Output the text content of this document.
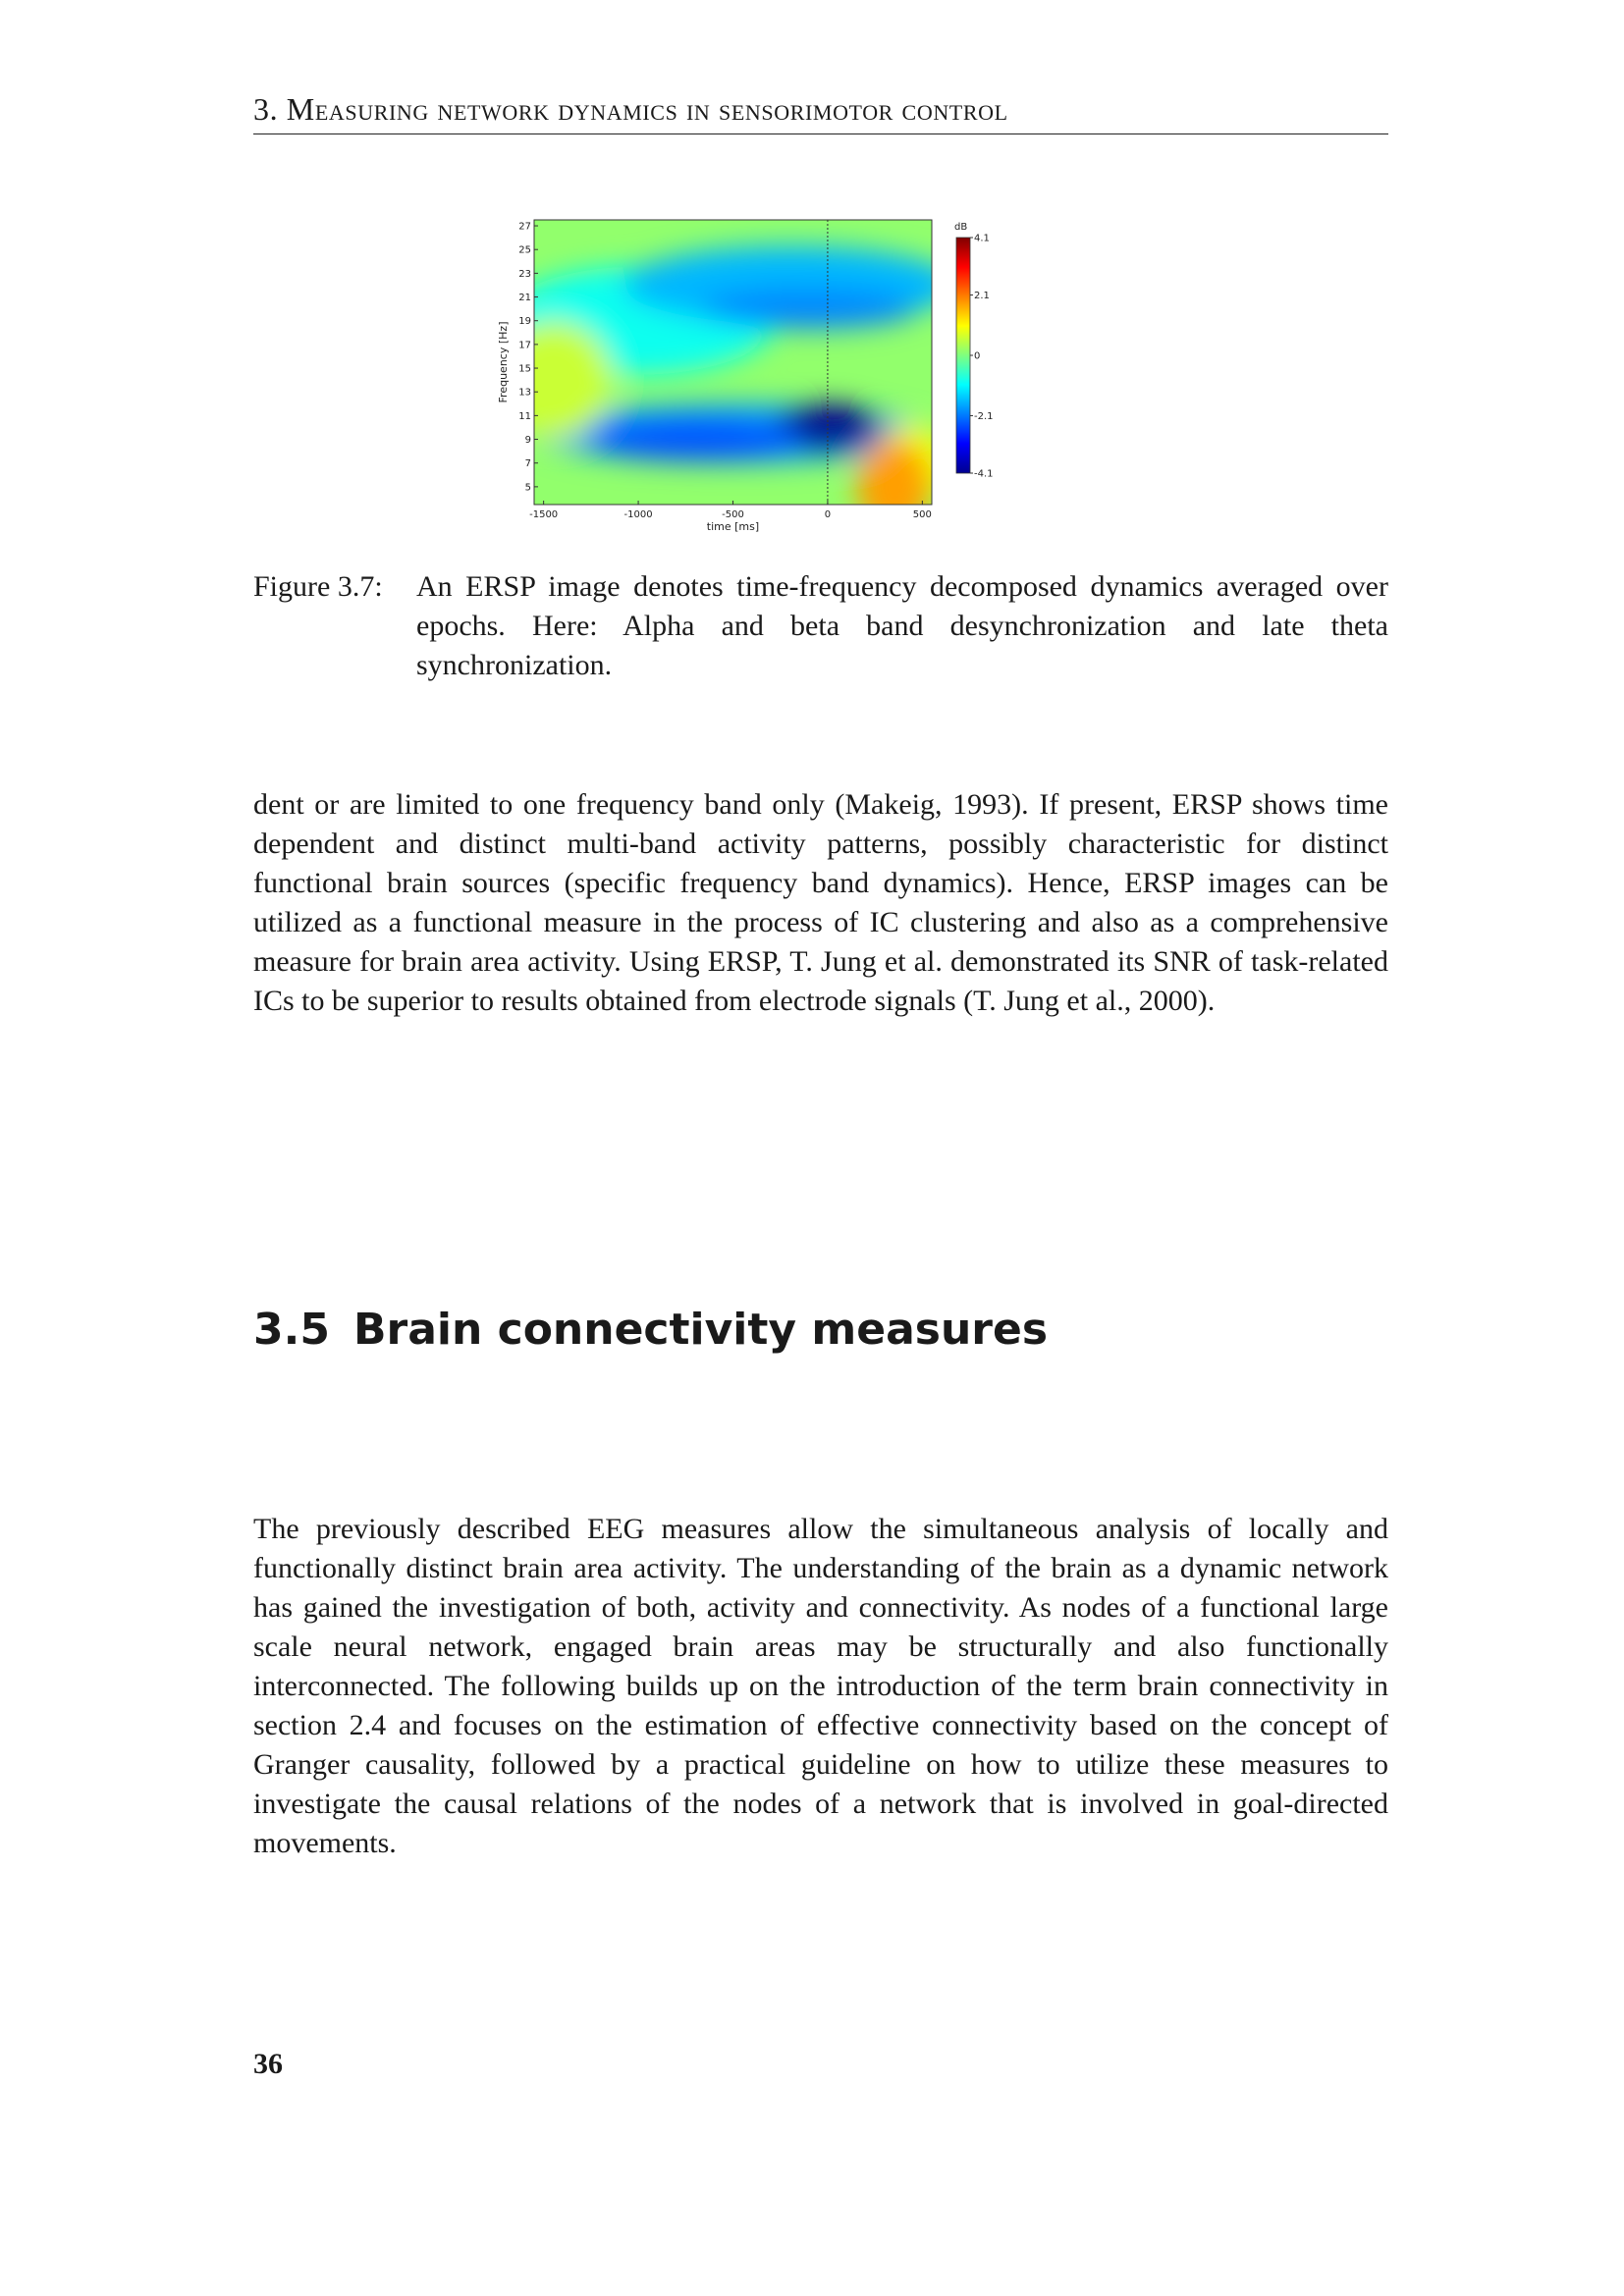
3. Measuring network dynamics in sensorimotor control
-1500	-1000	-500	0	500
5
7
9
11
13
15
17
19
21
23
25
27
time [ms]
Frequency [Hz]
dB
4.1
2.1
0
-2.1
-4.1
Figure 3.7:	An ERSP image denotes time-frequency decomposed dynamics averaged over epochs. Here: Alpha and beta band desynchronization and late theta synchronization.

dent or are limited to one frequency band only (Makeig, 1993). If present, ERSP shows time dependent and distinct multi-band activity patterns, possibly characteristic for distinct functional brain sources (specific frequency band dynamics). Hence, ERSP images can be utilized as a functional measure in the process of IC clustering and also as a comprehensive measure for brain area activity. Using ERSP, T. Jung et al. demonstrated its SNR of task-related ICs to be superior to results obtained from electrode signals (T. Jung et al., 2000).

3.5 Brain connectivity measures

The previously described EEG measures allow the simultaneous analysis of locally and functionally distinct brain area activity. The understanding of the brain as a dynamic network has gained the investigation of both, activity and connectivity. As nodes of a functional large scale neural network, engaged brain areas may be structurally and also functionally interconnected. The following builds up on the introduction of the term brain connectivity in section 2.4 and focuses on the estimation of effective connectivity based on the concept of Granger causality, followed by a practical guideline on how to utilize these measures to investigate the causal relations of the nodes of a network that is involved in goal-directed movements.

36
